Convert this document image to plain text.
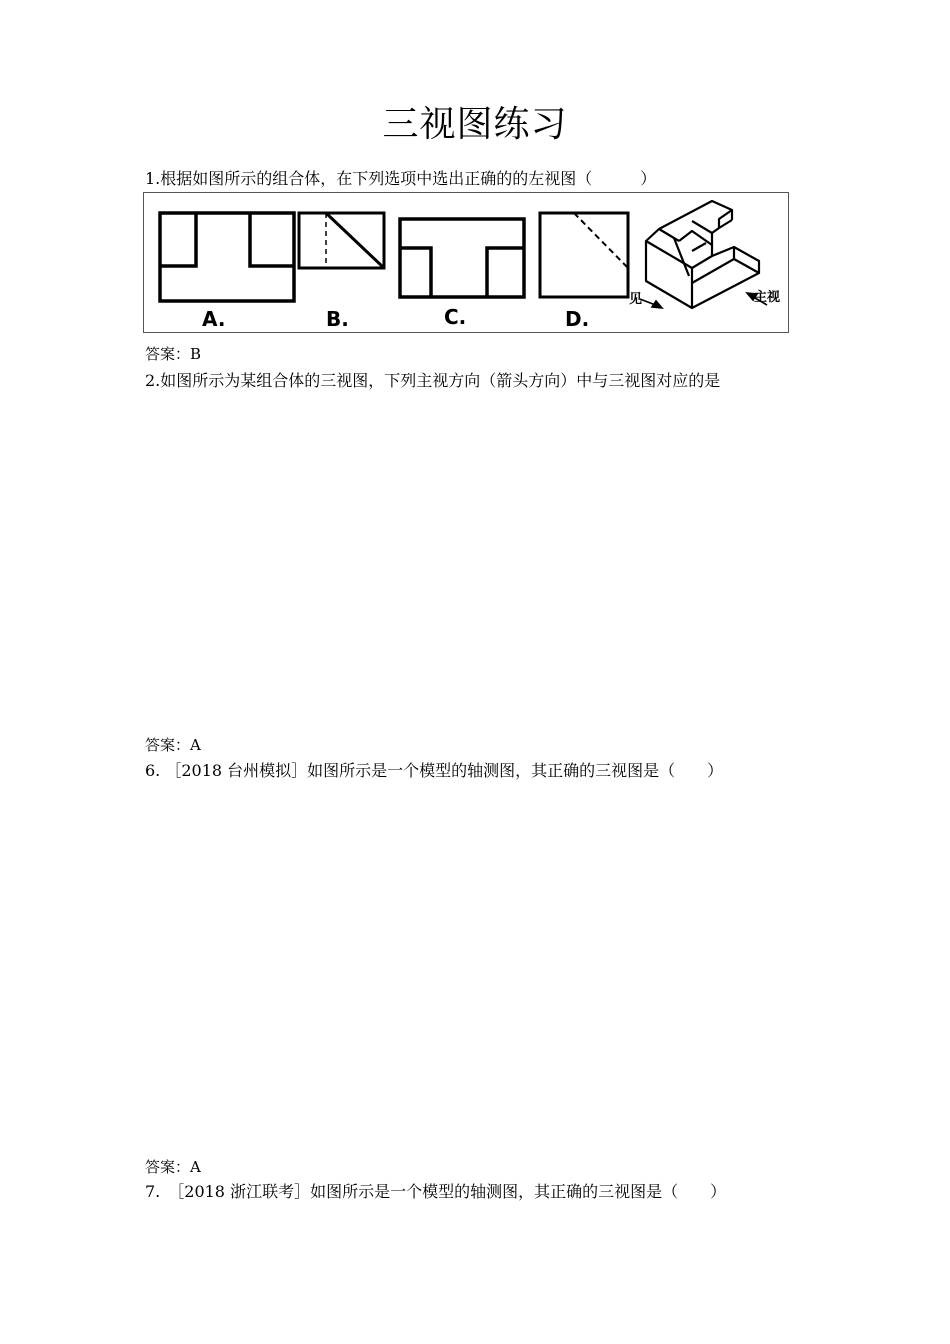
三视图练习
1.根据如图所示的组合体，在下列选项中选出正确的的左视图（　　　）
A.	B.	C.	D.
见	主视
答案：B
2.如图所示为某组合体的三视图，下列主视方向（箭头方向）中与三视图对应的是
答案：A
6. ［2018 台州模拟］如图所示是一个模型的轴测图，其正确的三视图是（　　）
答案：A
7.　［2018 浙江联考］如图所示是一个模型的轴测图，其正确的三视图是（　　）
